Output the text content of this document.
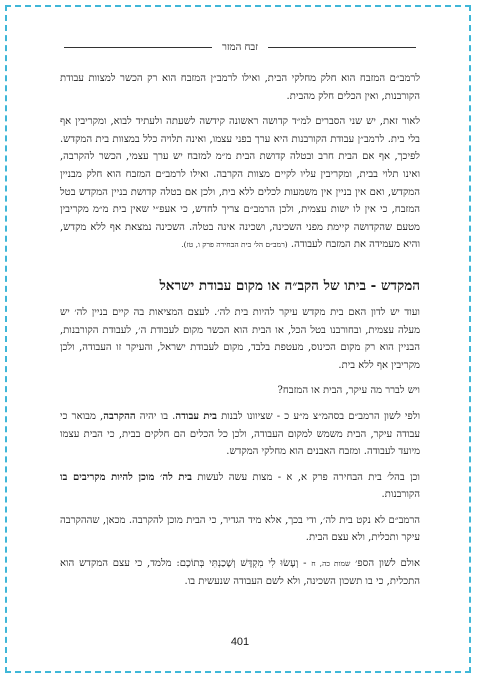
זבח המזר

לרמב״ם המזבח הוא חלק מחלקי הבית, ואילו לרמב״ן המזבח הוא רק הכשר למצוות עבודת הקורבנות, ואין הכלים חלק מהבית.

לאור זאת, יש שני הסברים למ״ד קדושה ראשונה קידשה לשעתה ולעתיד לבוא, ומקריבין אף בלי בית. לרמב״ן עבודת הקורבנות היא ערך בפני עצמו, ואינה תלויה כלל במצוות בית המקדש. לפיכך, אף אם הבית חרב ובטלה קדושת הבית מ״מ למזבח יש ערך עצמי, הכשר להקרבה, ואינו תלוי בבית, ומקריבין עליו לקיים מצוות הקרבה. ואילו לרמב״ם המזבח הוא חלק מבניין המקדש, ואם אין בניין אין משמעות לכלים ללא בית, ולכן אם בטלה קדושת בניין המקדש בטל המזבח, כי אין לו ישות עצמית, ולכן הרמב״ם צריך לחדש, כי אעפ״י שאין בית מ״מ מקריבין מטעם שהקדושה קיימת מפני השכינה, ושכינה אינה בטלה. השכינה נמצאת אף ללא מקדש, והיא מעמידה את המזבח לעבודה. (רמב״ם הל׳ בית הבחירה פרק ו, טז).

המקדש - ביתו של הקב״ה או מקום עבודת ישראל

ועוד יש לדון האם בית מקדש עיקר להיות בית לה׳. לעצם המציאות בה קיים בניין לה׳ יש מעלה עצמית, ובחורבנו בטל הכל, או הבית הוא הכשר מקום לעבודת ה׳, לעבודת הקורבנות, הבניין הוא רק מקום הכינוס, מעטפת בלבד, מקום לעבודת ישראל, והעיקר זו העבודה, ולכן מקריבין אף ללא בית.

ויש לברר מה עיקר, הבית או המזבח?

ולפי לשון הרמב״ם בסהמ״צ מ״ע כ - שציוונו לבנות בית עבודה. בו יהיה ההקרבה, מבואר כי עבודה עיקר, הבית משמש למקום העבודה, ולכן כל הכלים הם חלקים בבית, כי הבית עצמו מיועד לעבודה. ומזבח האבנים הוא מחלקי המקדש.

וכן בהל׳ בית הבחירה פרק א, א - מצות עשה לעשות בית לה׳ מוכן להיות מקריבים בו הקורבנות.

הרמב״ם לא נקט בית לה׳, ודי בכך, אלא מיד הגדיר, כי הבית מוכן להקרבה. מכאן, שההקרבה עיקר ותכלית, ולא עצם הבית.

אולם לשון הספ׳ שמות כה, ח - וְעָשׂוּ לִי מִקְדָּשׁ וְשָׁכַנְתִּי בְּתוֹכָם: מלמד, כי עצם המקדש הוא התכלית, כי בו תשכון השכינה, ולא לשם העבודה שנעשית בו.

401
